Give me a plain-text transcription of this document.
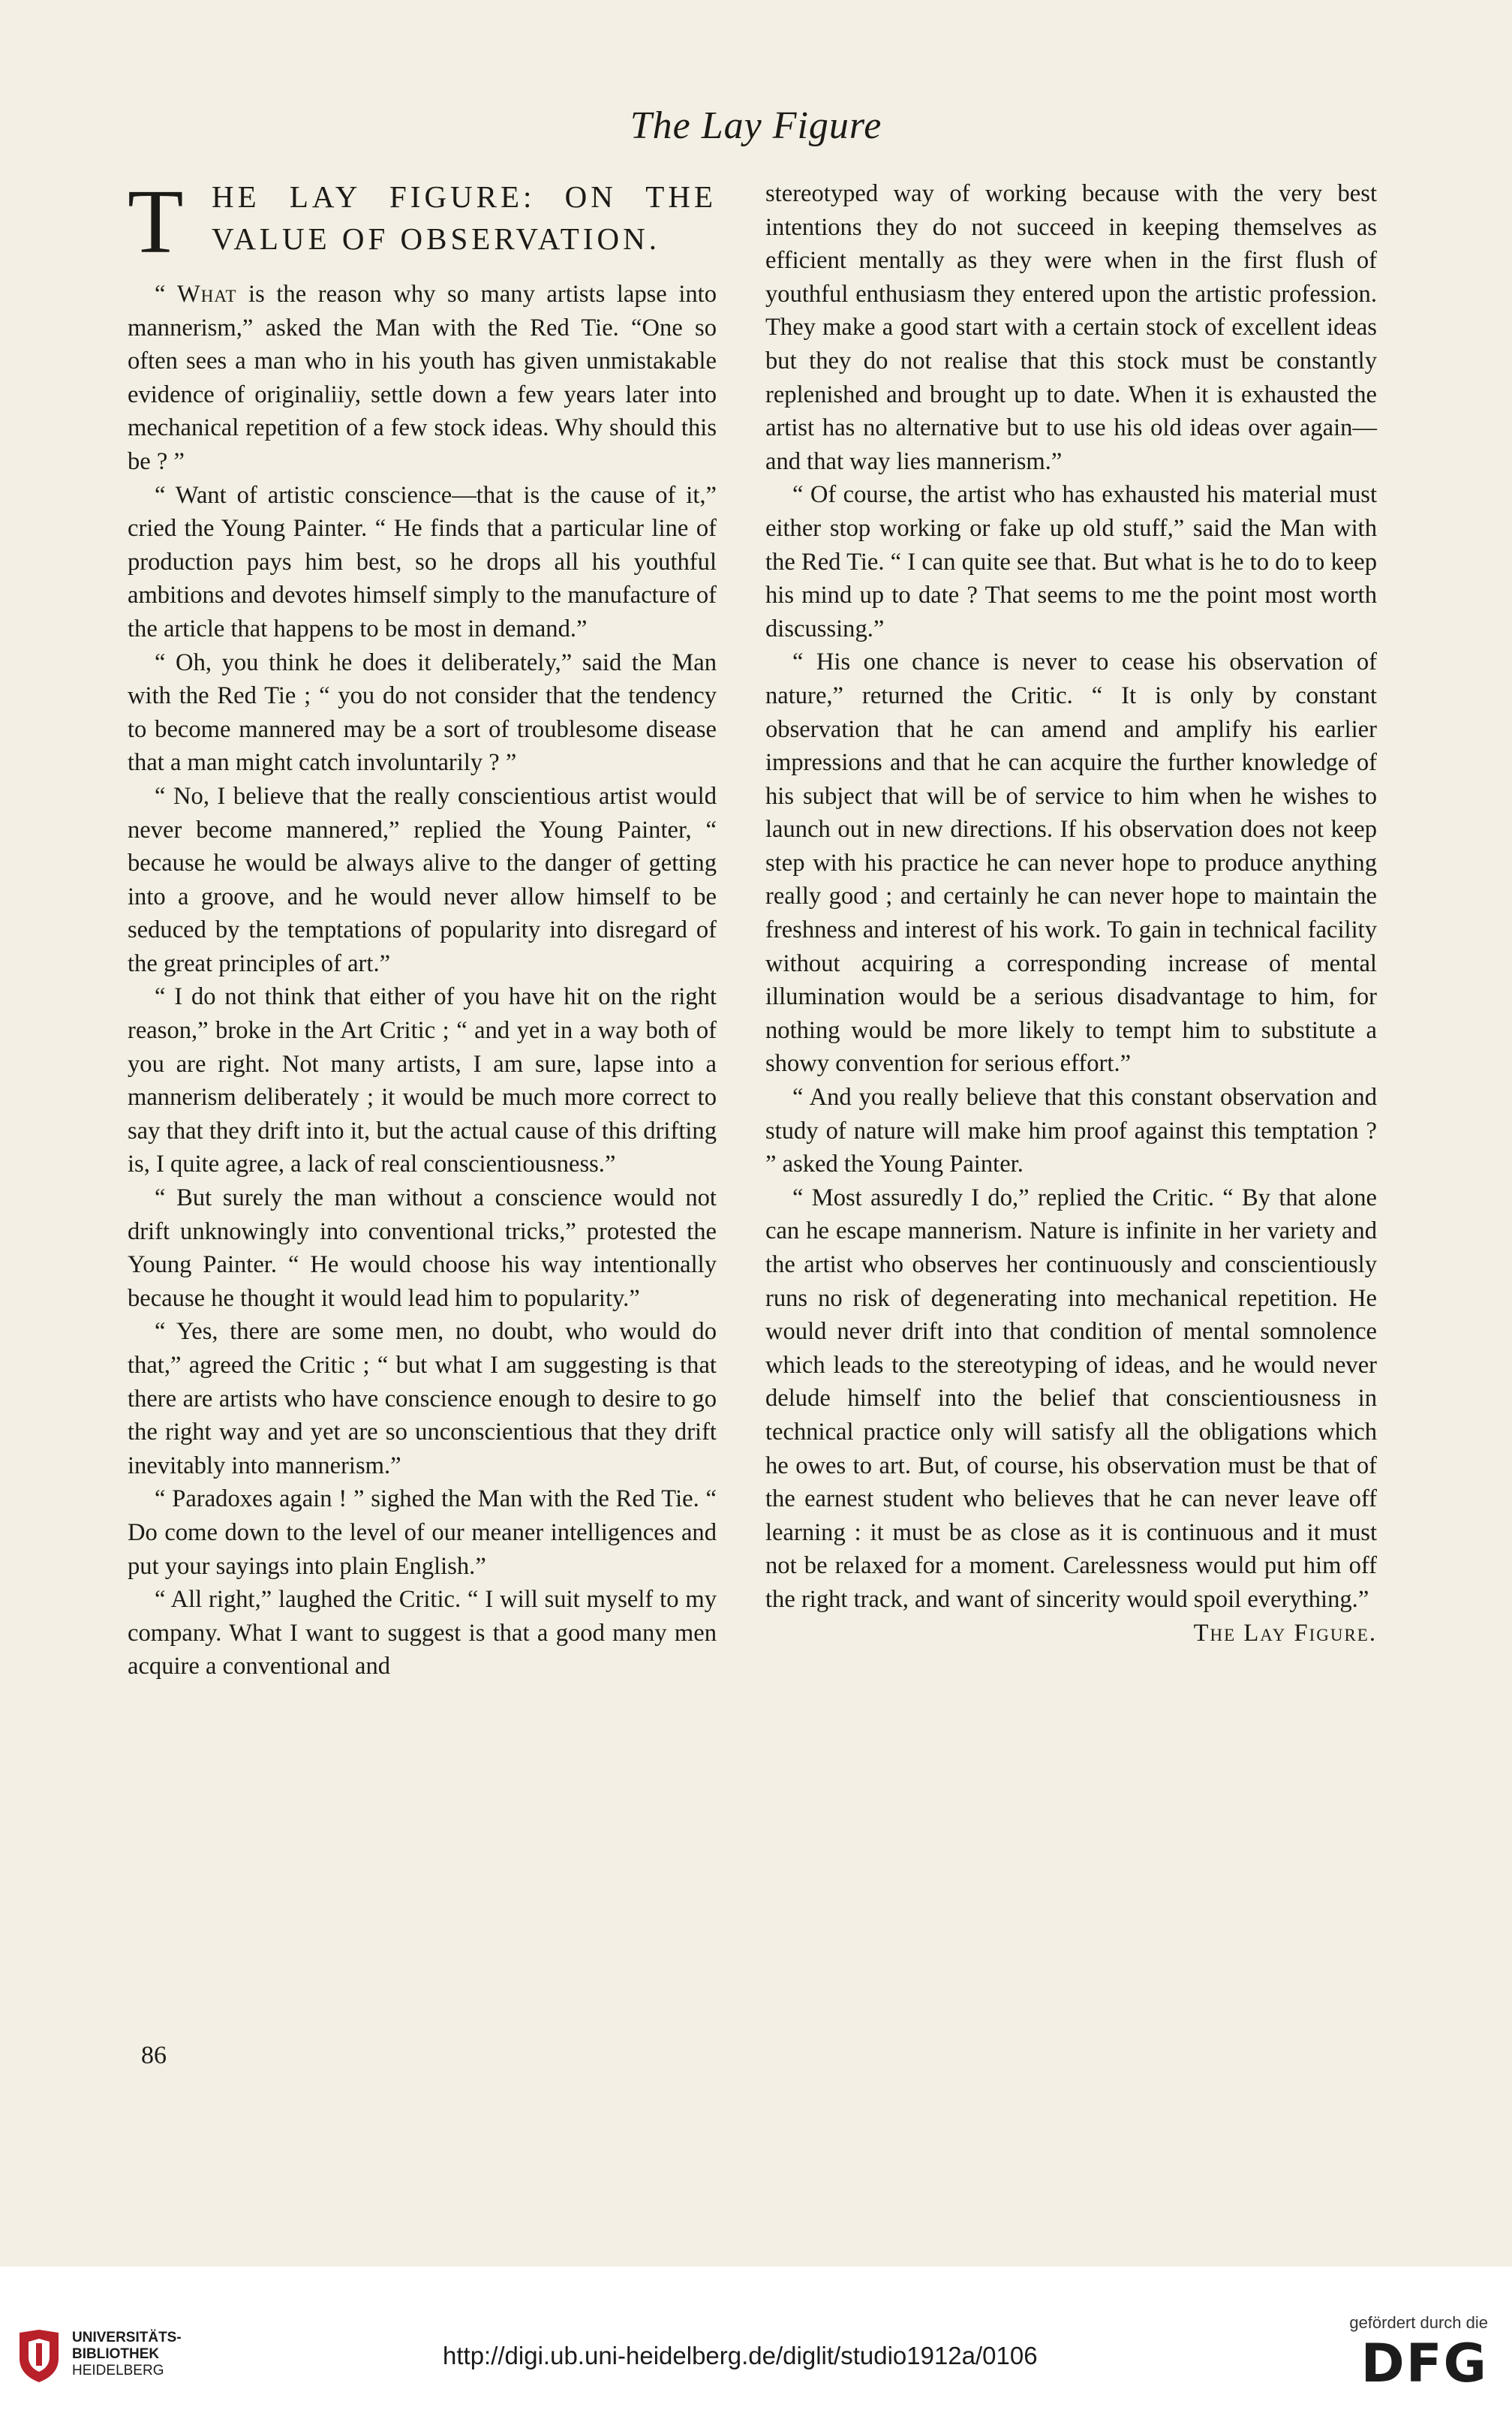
The Lay Figure
T HE LAY FIGURE: ON THE
VALUE OF OBSERVATION.

“ What is the reason why so many artists lapse into mannerism,” asked the Man with the Red Tie. “One so often sees a man who in his youth has given unmistakable evidence of originaliiy, settle down a few years later into mechanical repetition of a few stock ideas. Why should this be ? ”

“ Want of artistic conscience—that is the cause of it,” cried the Young Painter. “ He finds that a particular line of production pays him best, so he drops all his youthful ambitions and devotes himself simply to the manufacture of the article that happens to be most in demand.”

“ Oh, you think he does it deliberately,” said the Man with the Red Tie ; “ you do not consider that the tendency to become mannered may be a sort of troublesome disease that a man might catch involuntarily ? ”

“ No, I believe that the really conscientious artist would never become mannered,” replied the Young Painter, “ because he would be always alive to the danger of getting into a groove, and he would never allow himself to be seduced by the temptations of popularity into disregard of the great principles of art.”

“ I do not think that either of you have hit on the right reason,” broke in the Art Critic ; “ and yet in a way both of you are right. Not many artists, I am sure, lapse into a mannerism deliberately ; it would be much more correct to say that they drift into it, but the actual cause of this drifting is, I quite agree, a lack of real conscientiousness.”

“ But surely the man without a conscience would not drift unknowingly into conventional tricks,” protested the Young Painter. “ He would choose his way intentionally because he thought it would lead him to popularity.”

“ Yes, there are some men, no doubt, who would do that,” agreed the Critic ; “ but what I am suggesting is that there are artists who have conscience enough to desire to go the right way and yet are so unconscientious that they drift inevitably into mannerism.”

“ Paradoxes again ! ” sighed the Man with the Red Tie. “ Do come down to the level of our meaner intelligences and put your sayings into plain English.”

“ All right,” laughed the Critic. “ I will suit myself to my company. What I want to suggest is that a good many men acquire a conventional and

stereotyped way of working because with the very best intentions they do not succeed in keeping themselves as efficient mentally as they were when in the first flush of youthful enthusiasm they entered upon the artistic profession. They make a good start with a certain stock of excellent ideas but they do not realise that this stock must be constantly replenished and brought up to date. When it is exhausted the artist has no alternative but to use his old ideas over again—and that way lies mannerism.”

“ Of course, the artist who has exhausted his material must either stop working or fake up old stuff,” said the Man with the Red Tie. “ I can quite see that. But what is he to do to keep his mind up to date ? That seems to me the point most worth discussing.”

“ His one chance is never to cease his observation of nature,” returned the Critic. “ It is only by constant observation that he can amend and amplify his earlier impressions and that he can acquire the further knowledge of his subject that will be of service to him when he wishes to launch out in new directions. If his observation does not keep step with his practice he can never hope to produce anything really good ; and certainly he can never hope to maintain the freshness and interest of his work. To gain in technical facility without acquiring a corresponding increase of mental illumination would be a serious disadvantage to him, for nothing would be more likely to tempt him to substitute a showy convention for serious effort.”

“ And you really believe that this constant observation and study of nature will make him proof against this temptation ? ” asked the Young Painter.

“ Most assuredly I do,” replied the Critic. “ By that alone can he escape mannerism. Nature is infinite in her variety and the artist who observes her continuously and conscientiously runs no risk of degenerating into mechanical repetition. He would never drift into that condition of mental somnolence which leads to the stereotyping of ideas, and he would never delude himself into the belief that conscientiousness in technical practice only will satisfy all the obligations which he owes to art. But, of course, his observation must be that of the earnest student who believes that he can never leave off learning : it must be as close as it is continuous and it must not be relaxed for a moment. Carelessness would put him off the right track, and want of sincerity would spoil everything.”
The Lay Figure.

86
UNIVERSITÄTS-
BIBLIOTHEK
HEIDELBERG
http://digi.ub.uni-heidelberg.de/diglit/studio1912a/0106
gefördert durch die
DFG
